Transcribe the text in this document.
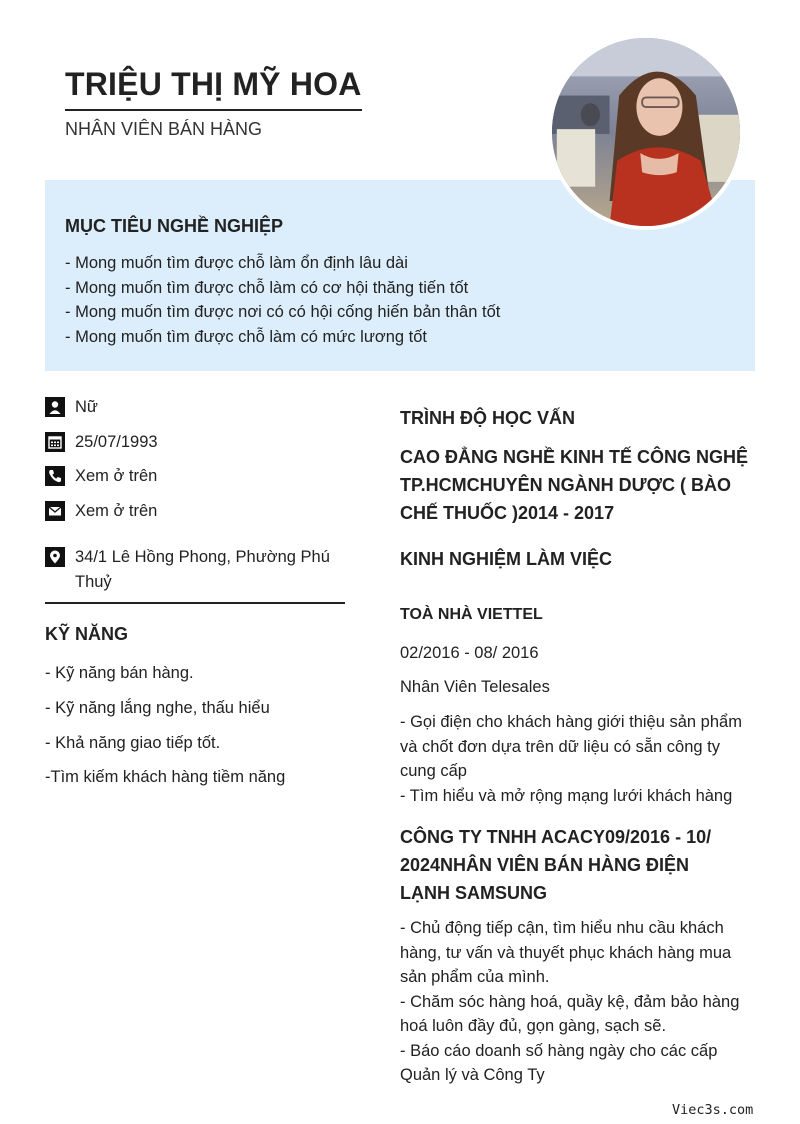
TRIỆU THỊ MỸ HOA
NHÂN VIÊN BÁN HÀNG
MỤC TIÊU NGHỀ NGHIỆP
- Mong muốn tìm được chỗ làm ổn định lâu dài
- Mong muốn tìm được chỗ làm có cơ hội thăng tiến tốt
- Mong muốn tìm được nơi có có hội cống hiến bản thân tốt
- Mong muốn tìm được chỗ làm có mức lương tốt
Nữ
25/07/1993
Xem ở trên
Xem ở trên
34/1 Lê Hồng Phong, Phường Phú Thuỷ
KỸ NĂNG
- Kỹ năng bán hàng.
- Kỹ năng lắng nghe, thấu hiểu
- Khả năng giao tiếp tốt.
-Tìm kiếm khách hàng tiềm năng
TRÌNH ĐỘ HỌC VẤN
CAO ĐẲNG NGHỀ KINH TẾ CÔNG NGHỆ TP.HCMCHUYÊN NGÀNH DƯỢC ( BÀO CHẾ THUỐC )2014 - 2017
KINH NGHIỆM LÀM VIỆC
TOÀ NHÀ VIETTEL
02/2016 - 08/ 2016
Nhân Viên Telesales
- Gọi điện cho khách hàng giới thiệu sản phẩm và chốt đơn dựa trên dữ liệu có sẵn công ty cung cấp
- Tìm hiểu và mở rộng mạng lưới khách hàng
CÔNG TY TNHH ACACY09/2016 - 10/ 2024NHÂN VIÊN BÁN HÀNG ĐIỆN LẠNH SAMSUNG
- Chủ động tiếp cận, tìm hiểu nhu cầu khách hàng, tư vấn và thuyết phục khách hàng mua sản phẩm của mình.
- Chăm sóc hàng hoá, quầy kệ, đảm bảo hàng hoá luôn đầy đủ, gọn gàng, sạch sẽ.
- Báo cáo doanh số hàng ngày cho các cấp Quản lý và Công Ty
Viec3s.com
